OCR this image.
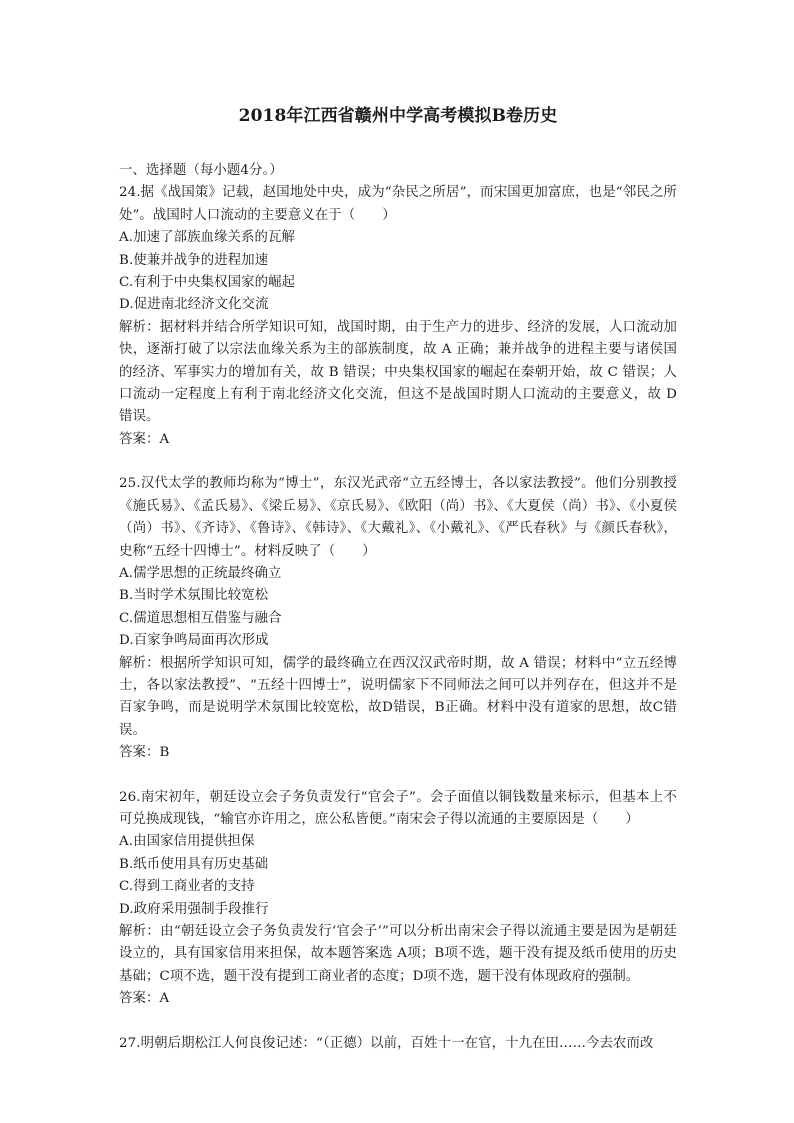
2018年江西省赣州中学高考模拟B卷历史

一、选择题（每小题4分。）

24.据《战国策》记载，赵国地处中央，成为“杂民之所居”，而宋国更加富庶，也是“邻民之所处”。战国时人口流动的主要意义在于（　　）

A.加速了部族血缘关系的瓦解

B.使兼并战争的进程加速

C.有利于中央集权国家的崛起

D.促进南北经济文化交流

解析：据材料并结合所学知识可知，战国时期，由于生产力的进步、经济的发展，人口流动加快，逐渐打破了以宗法血缘关系为主的部族制度，故 A 正确；兼并战争的进程主要与诸侯国的经济、军事实力的增加有关，故 B 错误；中央集权国家的崛起在秦朝开始，故 C 错误；人口流动一定程度上有利于南北经济文化交流，但这不是战国时期人口流动的主要意义，故 D 错误。

答案：A

25.汉代太学的教师均称为“博士”，东汉光武帝“立五经博士，各以家法教授”。他们分别教授《施氏易》、《孟氏易》、《梁丘易》、《京氏易》、《欧阳（尚）书》、《大夏侯（尚）书》、《小夏侯（尚）书》、《齐诗》、《鲁诗》、《韩诗》、《大戴礼》、《小戴礼》、《严氏春秋》与《颜氏春秋》，史称“五经十四博士”。材料反映了（　　）

A.儒学思想的正统最终确立

B.当时学术氛围比较宽松

C.儒道思想相互借鉴与融合

D.百家争鸣局面再次形成

解析：根据所学知识可知，儒学的最终确立在西汉汉武帝时期，故 A 错误；材料中“立五经博士，各以家法教授”、“五经十四博士”，说明儒家下不同师法之间可以并列存在，但这并不是百家争鸣，而是说明学术氛围比较宽松，故D错误，B正确。材料中没有道家的思想，故C错误。

答案：B

26.南宋初年，朝廷设立会子务负责发行“官会子”。会子面值以铜钱数量来标示，但基本上不可兑换成现钱，“输官亦许用之，庶公私皆便。”南宋会子得以流通的主要原因是（　　）

A.由国家信用提供担保

B.纸币使用具有历史基础

C.得到工商业者的支持

D.政府采用强制手段推行

解析：由“朝廷设立会子务负责发行‘官会子’”可以分析出南宋会子得以流通主要是因为是朝廷设立的，具有国家信用来担保，故本题答案选 A项；B项不选，题干没有提及纸币使用的历史基础；C项不选，题干没有提到工商业者的态度；D项不选，题干没有体现政府的强制。

答案：A

27.明朝后期松江人何良俊记述：“（正德）以前，百姓十一在官，十九在田……今去农而改
